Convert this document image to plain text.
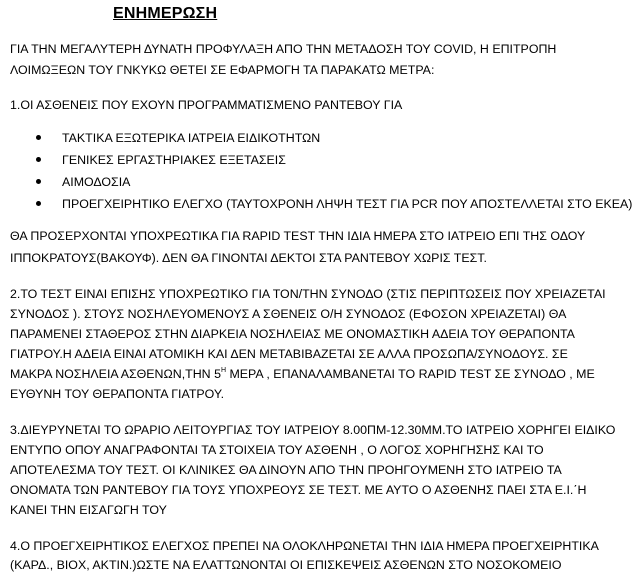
ΕΝΗΜΕΡΩΣΗ
ΓΙΑ ΤΗΝ ΜΕΓΑΛΥΤΕΡΗ ΔΥΝΑΤΗ ΠΡΟΦΥΛΑΞΗ ΑΠΟ ΤΗΝ ΜΕΤΑΔΟΣΗ ΤΟΥ COVID, Η ΕΠΙΤΡΟΠΗ
ΛΟΙΜΩΞΕΩΝ ΤΟΥ ΓΝΚΥΚΩ ΘΕΤΕΙ ΣΕ ΕΦΑΡΜΟΓΗ ΤΑ ΠΑΡΑΚΑΤΩ ΜΕΤΡΑ:
1.ΟΙ ΑΣΘΕΝΕΙΣ ΠΟΥ ΕΧΟΥΝ ΠΡΟΓΡΑΜΜΑΤΙΣΜΕΝΟ ΡΑΝΤΕΒΟΥ ΓΙΑ
ΤΑΚΤΙΚΑ ΕΞΩΤΕΡΙΚΑ ΙΑΤΡΕΙΑ ΕΙΔΙΚΟΤΗΤΩΝ
ΓΕΝΙΚΕΣ ΕΡΓΑΣΤΗΡΙΑΚΕΣ ΕΞΕΤΑΣΕΙΣ
ΑΙΜΟΔΟΣΙΑ
ΠΡΟΕΓΧΕΙΡΗΤΙΚΟ ΕΛΕΓΧΟ (ΤΑΥΤΟΧΡΟΝΗ ΛΗΨΗ ΤΕΣΤ ΓΙΑ PCR ΠΟΥ ΑΠΟΣΤΕΛΛΕΤΑΙ ΣΤΟ ΕΚΕΑ)
ΘΑ ΠΡΟΣΕΡΧΟΝΤΑΙ ΥΠΟΧΡΕΩΤΙΚΑ ΓΙΑ RAPID TEST ΤΗΝ ΙΔΙΑ ΗΜΕΡΑ ΣΤΟ ΙΑΤΡΕΙΟ ΕΠΙ ΤΗΣ ΟΔΟΥ
ΙΠΠΟΚΡΑΤΟΥΣ(ΒΑΚΟΥΦ). ΔΕΝ ΘΑ ΓΙΝΟΝΤΑΙ ΔΕΚΤΟΙ ΣΤΑ ΡΑΝΤΕΒΟΥ ΧΩΡΙΣ ΤΕΣΤ.
2.ΤΟ ΤΕΣΤ ΕΙΝΑΙ ΕΠΙΣΗΣ ΥΠΟΧΡΕΩΤΙΚΟ ΓΙΑ ΤΟΝ/ΤΗΝ ΣΥΝΟΔΟ (ΣΤΙΣ ΠΕΡΙΠΤΩΣΕΙΣ ΠΟΥ ΧΡΕΙΑΖΕΤΑΙ
ΣΥΝΟΔΟΣ ). ΣΤΟΥΣ ΝΟΣΗΛΕΥΟΜΕΝΟΥΣ Α ΣΘΕΝΕΙΣ Ο/Η ΣΥΝΟΔΟΣ (ΕΦΟΣΟΝ ΧΡΕΙΑΖΕΤΑΙ) ΘΑ
ΠΑΡΑΜΕΝΕΙ ΣΤΑΘΕΡΟΣ ΣΤΗΝ ΔΙΑΡΚΕΙΑ ΝΟΣΗΛΕΙΑΣ ΜΕ ΟΝΟΜΑΣΤΙΚΗ ΑΔΕΙΑ ΤΟΥ ΘΕΡΑΠΟΝΤΑ
ΓΙΑΤΡΟΥ.Η ΑΔΕΙΑ ΕΙΝΑΙ ΑΤΟΜΙΚΗ ΚΑΙ ΔΕΝ ΜΕΤΑΒΙΒΑΖΕΤΑΙ ΣΕ ΑΛΛΑ ΠΡΟΣΩΠΑ/ΣΥΝΟΔΟΥΣ. ΣΕ
ΜΑΚΡΑ ΝΟΣΗΛΕΙΑ ΑΣΘΕΝΩΝ,ΤΗΝ $5^H$ ΜΕΡΑ , ΕΠΑΝΑΛΑΜΒΑΝΕΤΑΙ ΤΟ RAPID TEST ΣΕ ΣΥΝΟΔΟ , ΜΕ
ΕΥΘΥΝΗ ΤΟΥ ΘΕΡΑΠΟΝΤΑ ΓΙΑΤΡΟΥ.
3.ΔΙΕΥΡΥΝΕΤΑΙ ΤΟ ΩΡΑΡΙΟ ΛΕΙΤΟΥΡΓΙΑΣ ΤΟΥ ΙΑΤΡΕΙΟΥ 8.00ΠΜ-12.30ΜΜ.ΤΟ ΙΑΤΡΕΙΟ ΧΟΡΗΓΕΙ ΕΙΔΙΚΟ
ΕΝΤΥΠΟ ΟΠΟΥ ΑΝΑΓΡΑΦΟΝΤΑΙ ΤΑ ΣΤΟΙΧΕΙΑ ΤΟΥ ΑΣΘΕΝΗ , Ο ΛΟΓΟΣ ΧΟΡΗΓΗΣΗΣ ΚΑΙ ΤΟ
ΑΠΟΤΕΛΕΣΜΑ ΤΟΥ ΤΕΣΤ. ΟΙ ΚΛΙΝΙΚΕΣ ΘΑ ΔΙΝΟΥΝ ΑΠΟ ΤΗΝ ΠΡΟΗΓΟΥΜΕΝΗ ΣΤΟ ΙΑΤΡΕΙΟ ΤΑ
ΟΝΟΜΑΤΑ ΤΩΝ ΡΑΝΤΕΒΟΥ ΓΙΑ ΤΟΥΣ ΥΠΟΧΡΕΟΥΣ ΣΕ ΤΕΣΤ. ΜΕ ΑΥΤΟ Ο ΑΣΘΕΝΗΣ ΠΑΕΙ ΣΤΑ Ε.Ι.΄Η
ΚΑΝΕΙ ΤΗΝ ΕΙΣΑΓΩΓΗ ΤΟΥ
4.Ο ΠΡΟΕΓΧΕΙΡΗΤΙΚΟΣ ΕΛΕΓΧΟΣ ΠΡΕΠΕΙ ΝΑ ΟΛΟΚΛΗΡΩΝΕΤΑΙ ΤΗΝ ΙΔΙΑ ΗΜΕΡΑ ΠΡΟΕΓΧΕΙΡΗΤΙΚΑ
(ΚΑΡΔ., ΒΙΟΧ, ΑΚΤΙΝ.)ΩΣΤΕ ΝΑ ΕΛΑΤΤΩΝΟΝΤΑΙ ΟΙ ΕΠΙΣΚΕΨΕΙΣ ΑΣΘΕΝΩΝ ΣΤΟ ΝΟΣΟΚΟΜΕΙΟ
